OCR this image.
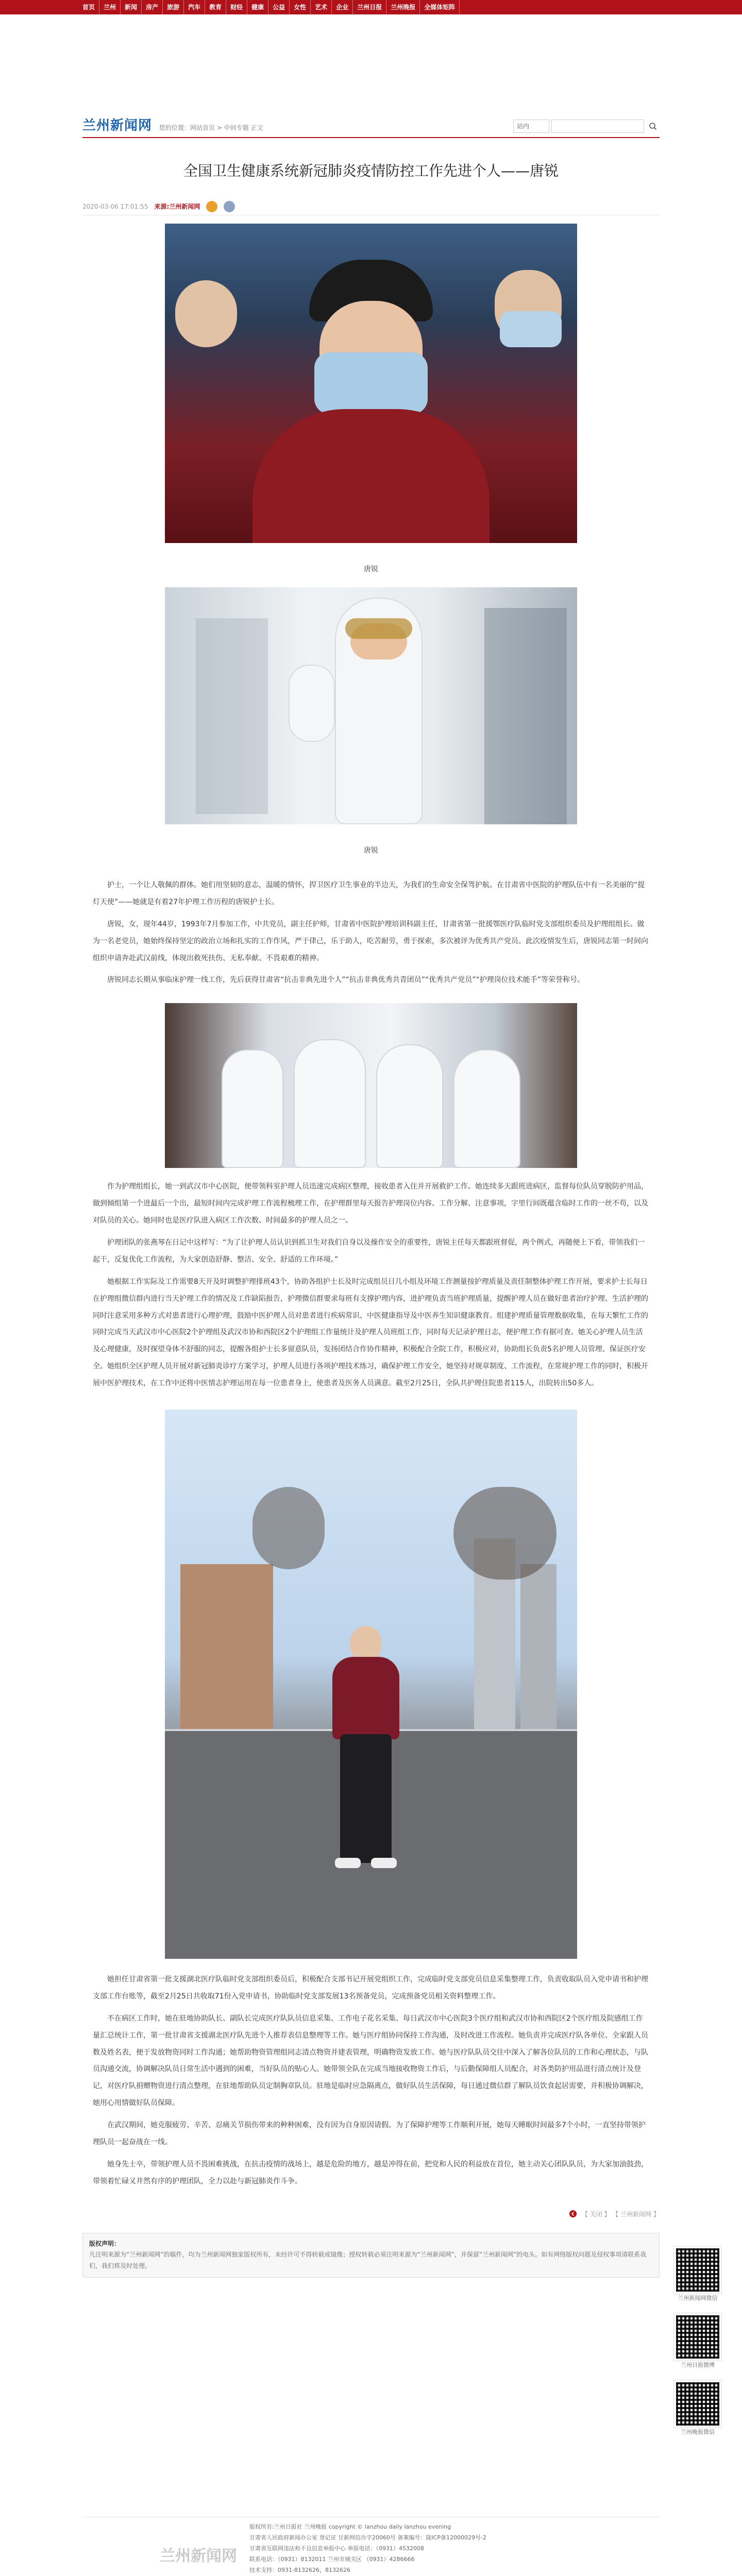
首页	兰州	新闻	房产	旅游	汽车	教育	财经	健康	公益	女性	艺术	企业	兰州日报	兰州晚报	全媒体矩阵
兰州新闻网 您的位置：网站首页 > 中间专题 正文	站内
全国卫生健康系统新冠肺炎疫情防控工作先进个人——唐锐
2020-03-06 17:01:55 来源:兰州新闻网
唐锐
唐锐
护士，一个让人敬佩的群体。她们用坚韧的意志，温暖的情怀，捍卫医疗卫生事业的半边天，为我们的生命安全保驾护航。在甘肃省中医院的护理队伍中有一名美丽的“提灯天使”——她就是有着27年护理工作历程的唐锐护士长。
唐锐，女，现年44岁，1993年7月参加工作，中共党员，副主任护师，甘肃省中医院护理培训科副主任，甘肃省第一批援鄂医疗队临时党支部组织委员及护理组组长。做为一名老党员，她始终保持坚定的政治立场和扎实的工作作风，严于律己，乐于助人，吃苦耐劳，勇于探索，多次被评为优秀共产党员。此次疫情发生后，唐锐同志第一时间向组织申请奔赴武汉前线，体现出救死扶伤、无私奉献、不畏艰难的精神。
唐锐同志长期从事临床护理一线工作，先后获得甘肃省“抗击非典先进个人”“抗击非典优秀共青团员”“优秀共产党员”“护理岗位技术能手”等荣誉称号。
作为护理组组长，她一到武汉市中心医院，便带领科室护理人员迅速完成病区整理，接收患者入住并开展救护工作。她连续多天跟班进病区，监督每位队员穿脱防护用品，做到倾组第一个进最后一个出，最短时间内完成护理工作流程梳理工作，在护理群里每天报告护理岗位内容、工作分解、注意事项，字里行间既蕴含临时工作的一丝不苟，以及对队员的关心。她同时也是医疗队进入病区工作次数、时间最多的护理人员之一。
护理团队的张燕琴在日记中这样写：“为了让护理人员认识到抓卫生对我们自身以及操作安全的重要性，唐锐主任每天都跟班督促，两个例式，再随便上下看，带领我们一起干，反复优化工作流程，为大家创造舒静、整洁、安全、舒适的工作环境。”
她根据工作实际及工作需要8天开及时调整护理排班43个，协助各组护士长及时完成组员日几小组及环境工作测量按护理质量及责任制整体护理工作开展，要求护士长每日在护理组微信群内进行当天护理工作的情况及工作缺陷报告，护理微信群要求每班有支撑护理内容，进护理负责当班护理质量，提醒护理人员在做好患者治疗护理、生活护理的同时注意采用多种方式对患者进行心理护理，鼓励中医护理人员对患者进行疾病常识、中医健康指导及中医养生知识健康教育。组建护理质量管理数据收集，在每天繁忙工作的同时完成当天武汉市中心医院2个护理组及武汉市协和西院区2个护理组工作量统计及护理人员班组工作，同时每天记录护理日志，便护理工作有据可查。她关心护理人员生活及心理健康，及时探望身体不舒服的同志，提醒各组护士长多留意队员，发扬团结合作协作精神，积极配合全院工作，积极应对，协助组长负责5名护理人员管理、保证医疗安全。她组织全区护理人员开展对新冠肺炎诊疗方案学习，护理人员进行各项护理技术练习，确保护理工作安全，她坚持对规章制度、工作流程，在常规护理工作的同时，积极开展中医护理技术，在工作中还将中医情志护理运用在每一位患者身上，使患者及医务人员满意。截至2月25日，全队共护理住院患者115人，出院转出50多人。
她担任甘肃省第一批支援湖北医疗队临时党支部组织委员后，积极配合支部书记开展党组织工作，完成临时党支部党员信息采集整理工作，负责收取队员入党申请书和护理支部工作台账等，截至2月25日共收取71份入党申请书，协助临时党支部发展13名预备党员，完成预备党员相关资料整理工作。
不在病区工作时，她在驻地协助队长、副队长完成医疗队队员信息采集、工作电子花名采集、每日武汉市中心医院3个医疗组和武汉市协和西院区2个医疗组及院感组工作量汇总统计工作，第一批甘肃省支援湖北医疗队先进个人推荐表信息整理等工作。她与医疗组协同保持工作沟通，及时改进工作流程。她负责并完成医疗队各单位、全家跟人员数及姓名表，便于发放物资同时工作沟通；她帮助物资管理组同志清点物资并建表管理，明确物资发放工作。她与医疗队队员交往中深入了解各位队员的工作和心理状态，与队员沟通交流，协调解决队员日常生活中遇到的困难，当好队员的贴心人。她带领全队在完成当地接收物资工作后，与后勤保障组人员配合，对各类防护用品进行清点统计及登记，对医疗队捐赠物资进行清点整理，在驻地帮助队员定制胸章队员。驻地是临时应急隔离点，做好队员生活保障，每日通过微信群了解队员饮食起居需要，并积极协调解决，她用心用情做好队员保障。
在武汉期间，她克服疲劳、辛苦、忍痛关节损伤带来的种种困难，没有因为自身原因请假。为了保障护理等工作顺利开展，她每天睡眠时间最多7个小时，一直坚持带领护理队员一起奋战在一线。
她身先士卒，带领护理人员不畏困难挑战，在抗击疫情的战场上，越是危险的地方，越是冲得在前，把党和人民的利益放在首位，她主动关心团队队员，为大家加油鼓劲，带领着忙碌又井然有序的护理团队，全力以赴与新冠肺炎作斗争。
【 关闭 】 【 兰州新闻网 】
版权声明：
凡注明来源为“兰州新闻网”的稿件，均为兰州新闻网独家版权所有，未经许可不得转载或镜像；授权转载必须注明来源为“兰州新闻网”，并保留“兰州新闻网”的电头。如有网络版权问题及侵权事项请联系我们，我们将及时处理。
兰州新闻网微信
兰州日报微博
兰州晚报微信
兰州新闻网
版权所有:兰州日报社 兰州晚报 copyright © lanzhou daily lanzhou evening
甘肃省人民政府新闻办公室 登记证 甘新网信办字20060号 备案编号：陇ICP备12000029号-2
甘肃省互联网违法和不良信息举报中心 举报电话：（0931）4532008
联系电话：（0931）8132011 兰州市城关区 （0931）4286666
技术支持：0931-8132626，8132626
